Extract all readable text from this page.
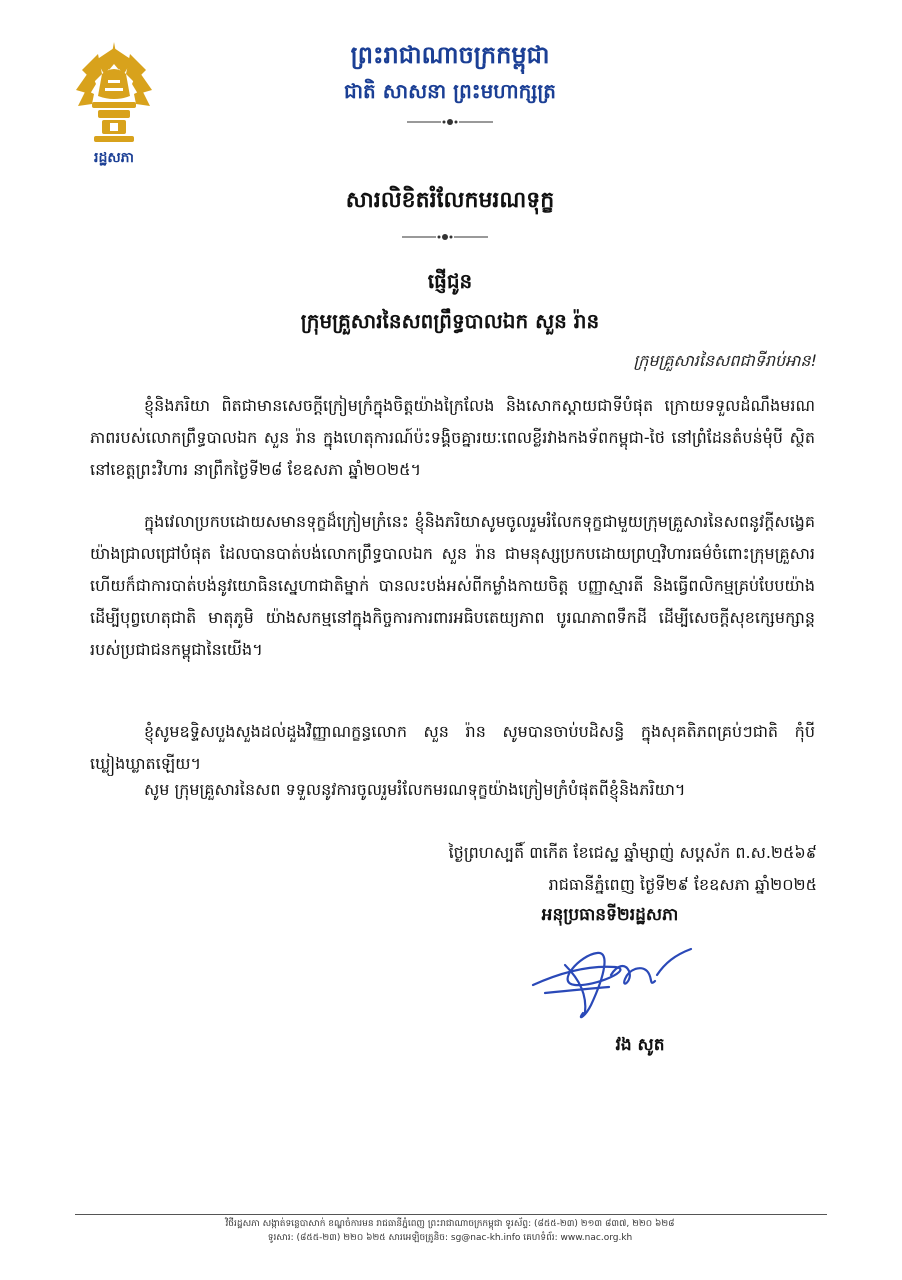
រដ្ឋសភា
ព្រះរាជាណាចក្រកម្ពុជា
ជាតិ សាសនា ព្រះមហាក្សត្រ
សារលិខិតរំលែកមរណទុក្ខ
ផ្ញើជូន
ក្រុមគ្រួសារនៃសពព្រឹទ្ធបាលឯក សួន រ៉ាន
ក្រុមគ្រួសារនៃសពជាទីរាប់អាន!
ខ្ញុំនិងភរិយា ពិតជាមានសេចក្តីក្រៀមក្រំក្នុងចិត្តយ៉ាងក្រៃលែង និងសោកស្តាយជាទីបំផុត ក្រោយទទួលដំណឹងមរណភាពរបស់លោកព្រឹទ្ធបាលឯក សួន រ៉ាន ក្នុងហេតុការណ៍ប៉ះទង្គិចគ្នារយៈពេលខ្លីរវាងកងទ័ពកម្ពុជា-ថៃ នៅព្រំដែនតំបន់មុំបី ស្ថិតនៅខេត្តព្រះវិហារ នាព្រឹកថ្ងៃទី២៨ ខែឧសភា ឆ្នាំ២០២៥។
ក្នុងវេលាប្រកបដោយសមានទុក្ខដ៏ក្រៀមក្រំនេះ ខ្ញុំនិងភរិយាសូមចូលរួមរំលែកទុក្ខជាមួយក្រុមគ្រួសារនៃសពនូវក្តីសង្វេគយ៉ាងជ្រាលជ្រៅបំផុត ដែលបានបាត់បង់លោកព្រឹទ្ធបាលឯក សួន រ៉ាន ជាមនុស្សប្រកបដោយព្រហ្មវិហារធម៌ចំពោះក្រុមគ្រួសារ ហើយក៏ជាការបាត់បង់នូវយោធិនស្នេហាជាតិម្នាក់ បានលះបង់អស់ពីកម្លាំងកាយចិត្ត បញ្ញាស្មារតី និងធ្វើពលិកម្មគ្រប់បែបយ៉ាងដើម្បីបុព្វហេតុជាតិ មាតុភូមិ យ៉ាងសកម្មនៅក្នុងកិច្ចការការពារអធិបតេយ្យភាព បូរណភាពទឹកដី ដើម្បីសេចក្តីសុខក្សេមក្សាន្តរបស់ប្រជាជនកម្ពុជានៃយើង។
ខ្ញុំសូមឧទ្ទិសបួងសួងដល់ដួងវិញ្ញាណក្ខន្ធលោក សួន រ៉ាន សូមបានចាប់បដិសន្ធិ ក្នុងសុគតិភពគ្រប់ៗជាតិ កុំបីឃ្លៀងឃ្លាតឡើយ។
សូម ក្រុមគ្រួសារនៃសព ទទួលនូវការចូលរួមរំលែកមរណទុក្ខយ៉ាងក្រៀមក្រំបំផុតពីខ្ញុំនិងភរិយា។
ថ្ងៃព្រហស្បតិ៍ ៣កើត ខែជេស្ឋ ឆ្នាំម្សាញ់ សប្តស័ក ព.ស.២៥៦៩
រាជធានីភ្នំពេញ ថ្ងៃទី២៩ ខែឧសភា ឆ្នាំ២០២៥
អនុប្រធានទី២រដ្ឋសភា
វង សូត
វិថីរដ្ឋសភា សង្កាត់ទន្លេបាសាក់ ខណ្ឌចំការមន រាជធានីភ្នំពេញ ព្រះរាជាណាចក្រកម្ពុជា ទូរស័ព្ទ: (៨៥៥-២៣) ២១៣ ៨៣៧, ២២០ ៦២៨
ទូរសារ: (៨៥៥-២៣) ២២០ ៦២៥ សារអេឡិចត្រូនិច: sg@nac-kh.info គេហទំព័រ: www.nac.org.kh
